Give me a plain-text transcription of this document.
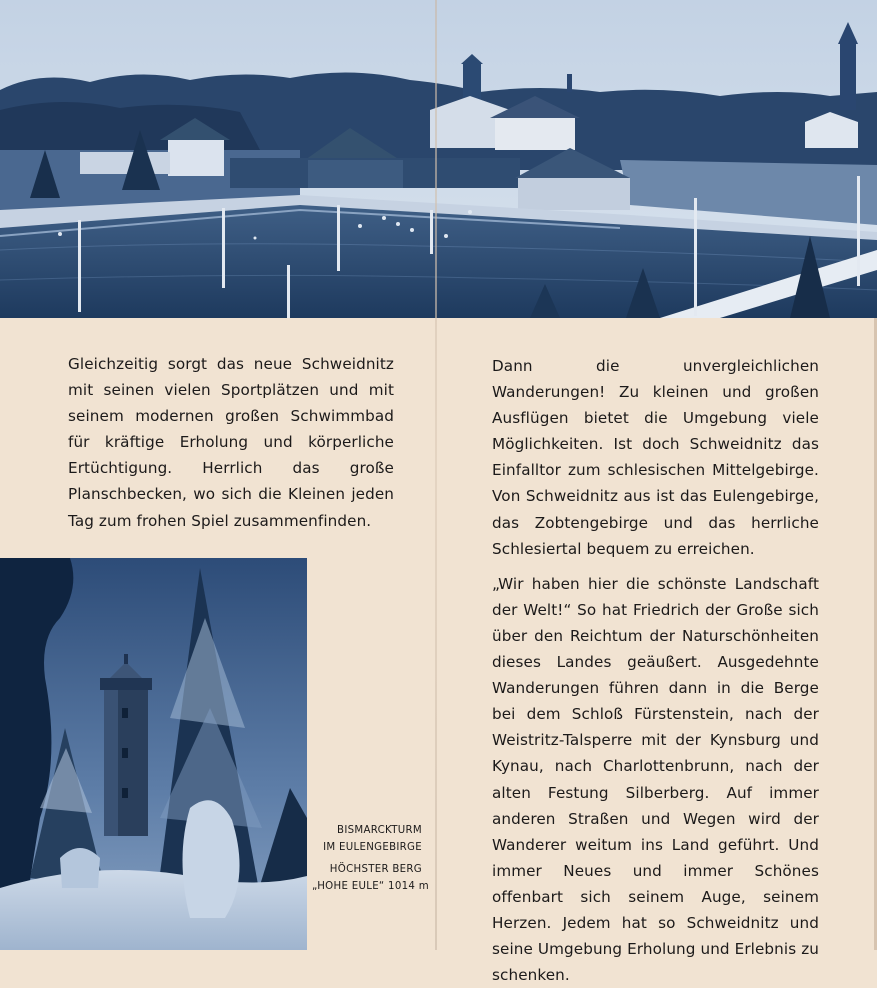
Gleichzeitig sorgt das neue Schweidnitz mit seinen vielen Sportplätzen und mit seinem modernen großen Schwimmbad für kräftige Erholung und körperliche Ertüchtigung. Herrlich das große Planschbecken, wo sich die Kleinen jeden Tag zum frohen Spiel zusammenfinden.

Dann die unvergleichlichen Wanderungen! Zu kleinen und großen Ausflügen bietet die Umgebung viele Möglichkeiten. Ist doch Schweidnitz das Einfalltor zum schlesischen Mittelgebirge. Von Schweidnitz aus ist das Eulengebirge, das Zobtengebirge und das herrliche Schlesiertal bequem zu erreichen.

„Wir haben hier die schönste Landschaft der Welt!“ So hat Friedrich der Große sich über den Reichtum der Naturschönheiten dieses Landes geäußert. Ausgedehnte Wanderungen führen dann in die Berge bei dem Schloß Fürstenstein, nach der Weistritz-Talsperre mit der Kynsburg und Kynau, nach Charlottenbrunn, nach der alten Festung Silberberg. Auf immer anderen Straßen und Wegen wird der Wanderer weitum ins Land geführt. Und immer Neues und immer Schönes offenbart sich seinem Auge, seinem Herzen. Jedem hat so Schweidnitz und seine Umgebung Erholung und Erlebnis zu schenken.

BISMARCKTURM
IM EULENGEBIRGE
HÖCHSTER BERG
„HOHE EULE“ 1014 m
